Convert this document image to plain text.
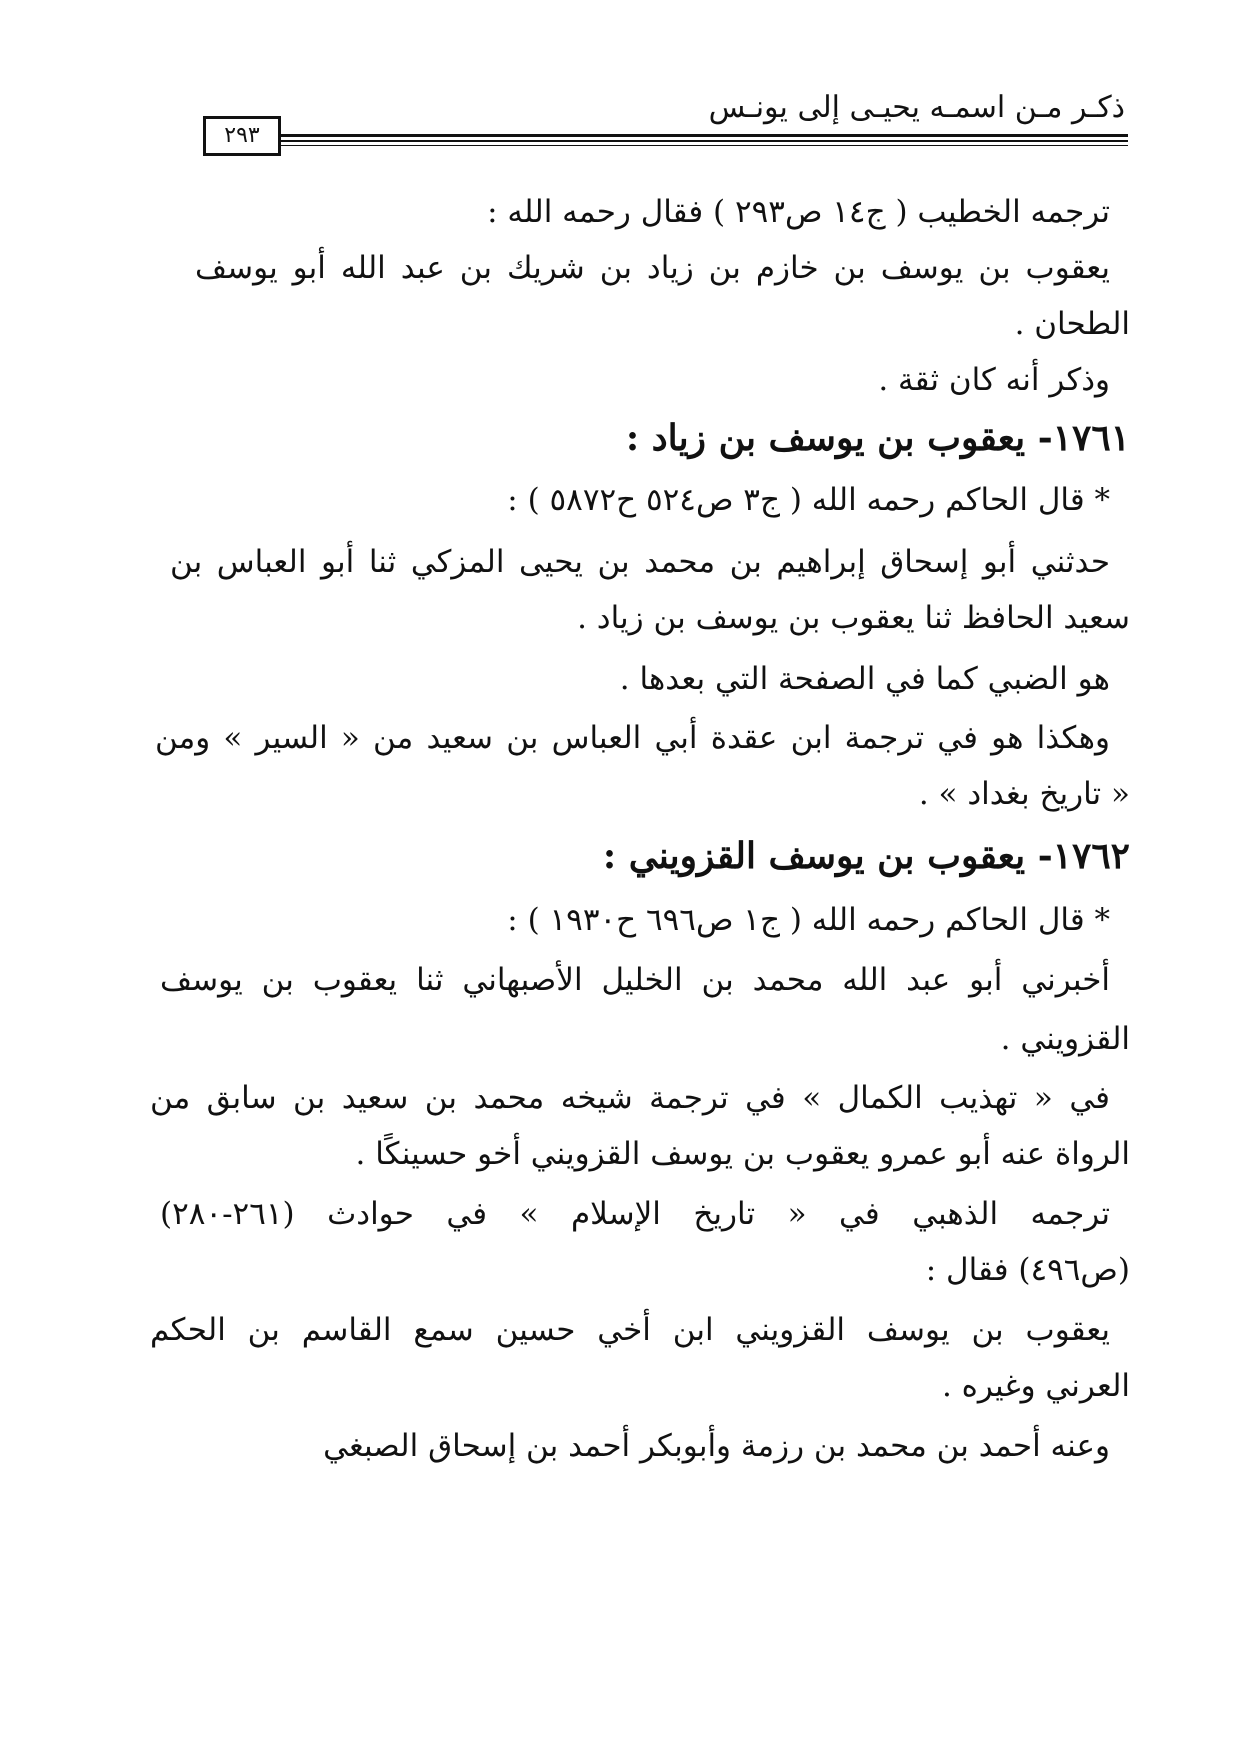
٢٩٣
ذكـر مـن اسمـه يحيـى إلى يونـس
ترجمه الخطيب ( ج١٤ ص٢٩٣ ) فقال رحمه الله :
يعقوب بن يوسف بن خازم بن زياد بن شريك بن عبد الله أبو يوسف
الطحان .
وذكر أنه كان ثقة .
١٧٦١- يعقوب بن يوسف بن زياد :
* قال الحاكم رحمه الله ( ج٣ ص٥٢٤ ح٥٨٧٢ ) :
حدثني أبو إسحاق إبراهيم بن محمد بن يحيى المزكي ثنا أبو العباس بن
سعيد الحافظ ثنا يعقوب بن يوسف بن زياد .
هو الضبي كما في الصفحة التي بعدها .
وهكذا هو في ترجمة ابن عقدة أبي العباس بن سعيد من « السير » ومن
« تاريخ بغداد » .
١٧٦٢- يعقوب بن يوسف القزويني :
* قال الحاكم رحمه الله ( ج١ ص٦٩٦ ح١٩٣٠ ) :
أخبرني أبو عبد الله محمد بن الخليل الأصبهاني ثنا يعقوب بن يوسف
القزويني .
في « تهذيب الكمال » في ترجمة شيخه محمد بن سعيد بن سابق من
الرواة عنه أبو عمرو يعقوب بن يوسف القزويني أخو حسينكًا .
ترجمه الذهبي في « تاريخ الإسلام » في حوادث (٢٦١-٢٨٠)
(ص٤٩٦) فقال :
يعقوب بن يوسف القزويني ابن أخي حسين سمع القاسم بن الحكم
العرني وغيره .
وعنه أحمد بن محمد بن رزمة وأبوبكر أحمد بن إسحاق الصبغي
